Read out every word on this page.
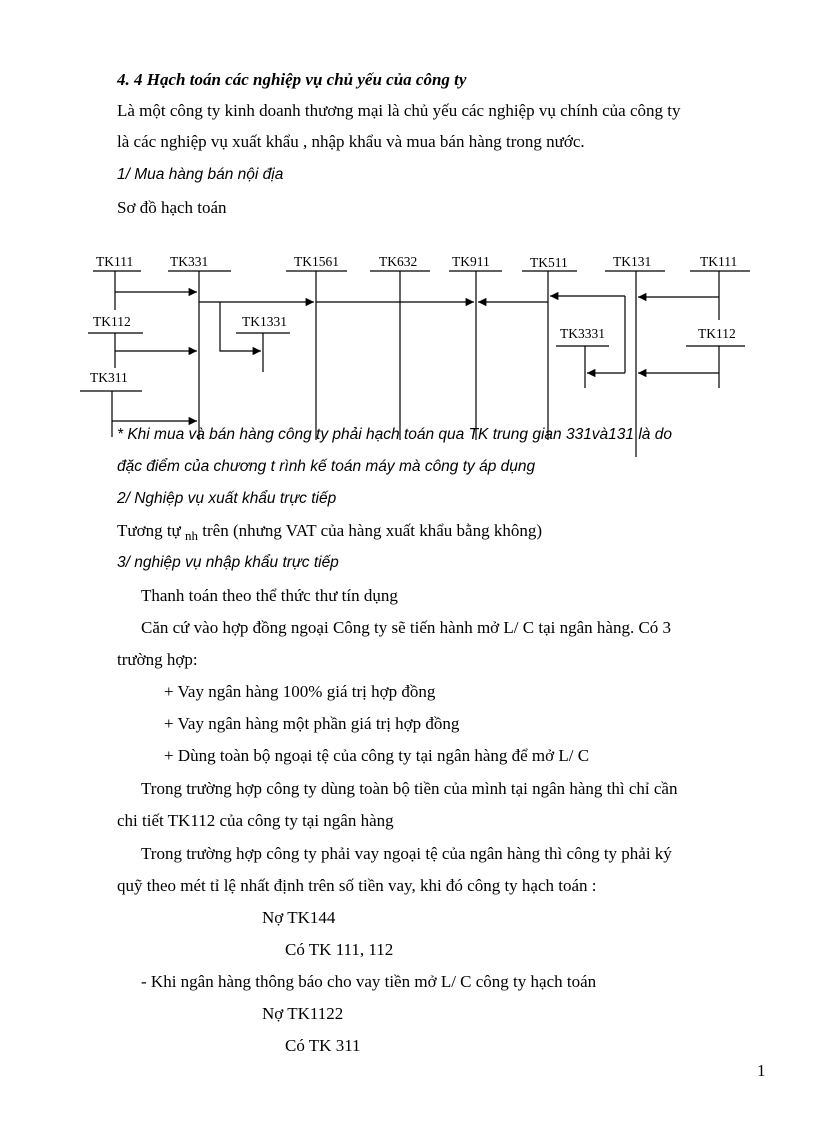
4. 4 Hạch toán các nghiệp vụ chủ yếu của công ty
Là một công ty kinh doanh thương mại là chủ yếu các nghiệp vụ chính của công ty
là các nghiệp vụ xuất khẩu , nhập khẩu và mua bán hàng trong nước.
1/ Mua hàng bán nội địa
Sơ đồ hạch toán
TK111	TK331	TK1561	TK632	TK911	TK511	TK131	TK111
TK112	TK1331
TK3331	TK112
TK311
* Khi mua và bán hàng công ty phải hạch toán qua TK trung gian 331và131 là do
đặc điểm của chương t rình kế toán máy mà công ty áp dụng
2/ Nghiệp vụ xuất khẩu trực tiếp
Tương tự $_{nh}$ trên (nhưng VAT của hàng xuất khẩu bằng không)
3/ nghiệp vụ nhập khẩu trực tiếp
Thanh toán theo thể thức thư tín dụng
Căn cứ vào hợp đồng ngoại Công ty sẽ tiến hành mở L/ C tại ngân hàng. Có 3
trường hợp:
+ Vay ngân hàng 100% giá trị hợp đồng
+ Vay ngân hàng một phần giá trị hợp đồng
+ Dùng toàn bộ ngoại tệ của công ty tại ngân hàng để mở L/ C
Trong trường hợp công ty dùng toàn bộ tiền của mình tại ngân hàng thì chỉ cần
chi tiết TK112 của công ty tại ngân hàng
Trong trường hợp công ty phải vay ngoại tệ của ngân hàng thì công ty phải ký
quỹ theo mét tỉ lệ nhất định trên số tiền vay, khi đó công ty hạch toán :
Nợ TK144
Có TK 111, 112
- Khi ngân hàng thông báo cho vay tiền mở L/ C công ty hạch toán
Nợ TK1122
Có TK 311
1
